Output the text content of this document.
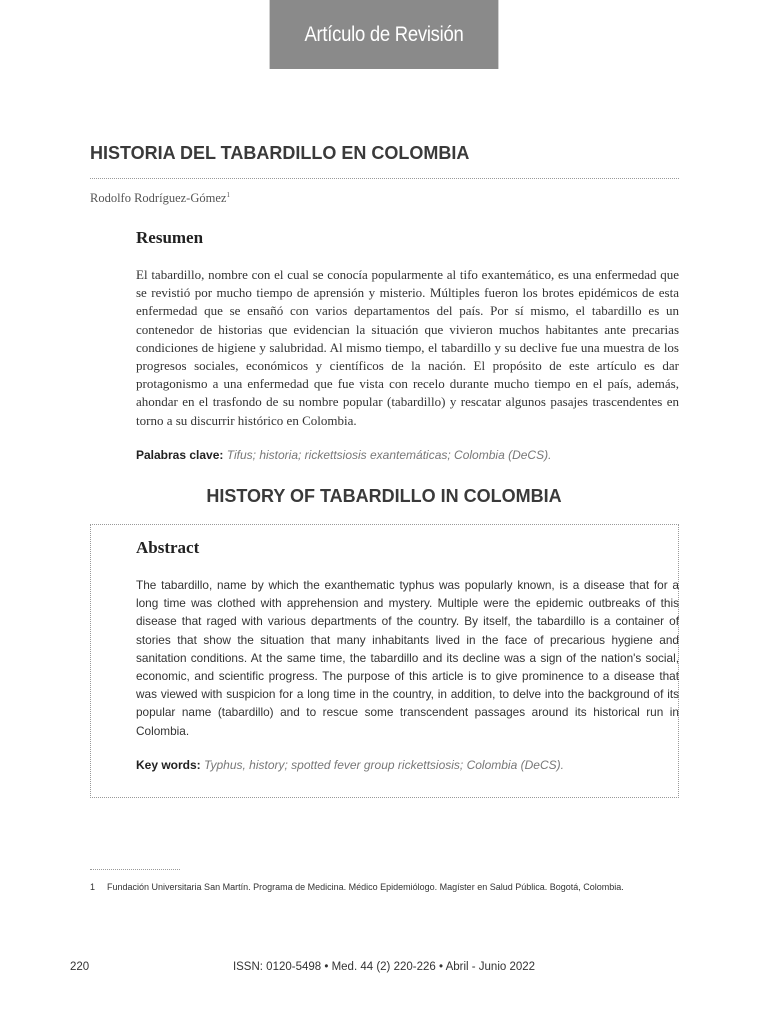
Artículo de Revisión
HISTORIA DEL TABARDILLO EN COLOMBIA
Rodolfo Rodríguez-Gómez$^1$
Resumen

El tabardillo, nombre con el cual se conocía popularmente al tifo exantemático, es una enfermedad que se revistió por mucho tiempo de aprensión y misterio. Múltiples fueron los brotes epidémicos de esta enfermedad que se ensañó con varios departamentos del país. Por sí mismo, el tabardillo es un contenedor de historias que evidencian la situación que vivieron muchos habitantes ante precarias condiciones de higiene y salubridad. Al mismo tiempo, el tabardillo y su declive fue una muestra de los progresos sociales, económicos y científicos de la nación. El propósito de este artículo es dar protagonismo a una enfermedad que fue vista con recelo durante mucho tiempo en el país, además, ahondar en el trasfondo de su nombre popular (tabardillo) y rescatar algunos pasajes trascendentes en torno a su discurrir histórico en Colombia.

Palabras clave: Tifus; historia; rickettsiosis exantemáticas; Colombia (DeCS).
HISTORY OF TABARDILLO IN COLOMBIA
Abstract

The tabardillo, name by which the exanthematic typhus was popularly known, is a disease that for a long time was clothed with apprehension and mystery. Multiple were the epidemic outbreaks of this disease that raged with various departments of the country. By itself, the tabardillo is a container of stories that show the situation that many inhabitants lived in the face of precarious hygiene and sanitation conditions. At the same time, the tabardillo and its decline was a sign of the nation's social, economic, and scientific progress. The purpose of this article is to give prominence to a disease that was viewed with suspicion for a long time in the country, in addition, to delve into the background of its popular name (tabardillo) and to rescue some transcendent passages around its historical run in Colombia.

Key words: Typhus, history; spotted fever group rickettsiosis; Colombia (DeCS).
1 Fundación Universitaria San Martín. Programa de Medicina. Médico Epidemiólogo. Magíster en Salud Pública. Bogotá, Colombia.
220	ISSN: 0120-5498 • Med. 44 (2) 220-226 • Abril - Junio 2022
